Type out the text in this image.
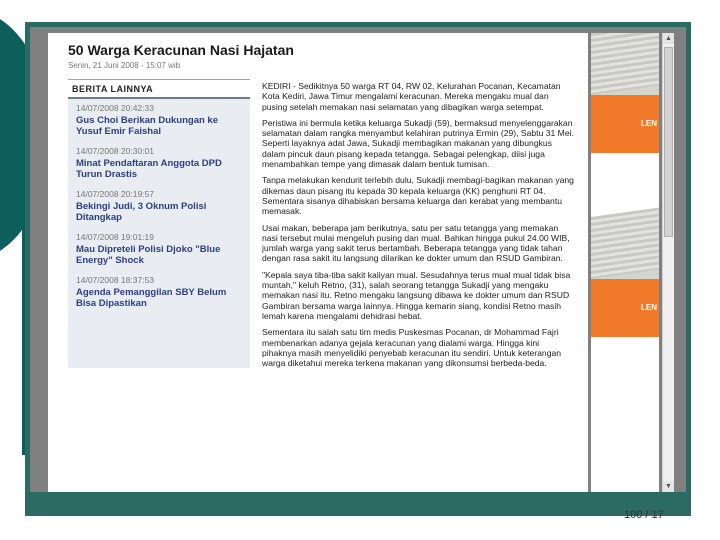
50 Warga Keracunan Nasi Hajatan
Senin, 21 Juni 2008 - 15:07 wib
BERITA LAINNYA
14/07/2008 20:42:33
Gus Choi Berikan Dukungan ke Yusuf Emir Faishal
14/07/2008 20:30:01
Minat Pendaftaran Anggota DPD Turun Drastis
14/07/2008 20:19:57
Bekingi Judi, 3 Oknum Polisi Ditangkap
14/07/2008 19:01:19
Mau Dipreteli Polisi Djoko "Blue Energy" Shock
14/07/2008 18:37:53
Agenda Pemanggilan SBY Belum Bisa Dipastikan

KEDIRI - Sedikitnya 50 warga RT 04, RW 02, Kelurahan Pocanan, Kecamatan Kota Kediri, Jawa Timur mengalami keracunan. Mereka mengaku mual dan pusing setelah memakan nasi selamatan yang dibagikan warga setempat.

Peristiwa ini bermula ketika keluarga Sukadji (59), bermaksud menyelenggarakan selamatan dalam rangka menyambut kelahiran putrinya Ermin (29), Sabtu 31 Mei. Seperti layaknya adat Jawa, Sukadji membagikan makanan yang dibungkus dalam pincuk daun pisang kepada tetangga. Sebagai pelengkap, diisi juga menambahkan tempe yang dimasak dalam bentuk tumisan.

Tanpa melakukan kendurit terlebih dulu, Sukadji membagi-bagikan makanan yang dikemas daun pisang itu kepada 30 kepala keluarga (KK) penghuni RT 04. Sementara sisanya dihabiskan bersama keluarga dan kerabat yang membantu memasak.

Usai makan, beberapa jam berikutnya, satu per satu tetangga yang memakan nasi tersebut mulai mengeluh pusing dan mual. Bahkan hingga pukul 24.00 WIB, jumlah warga yang sakit terus bertambah. Beberapa tetangga yang tidak tahan dengan rasa sakit itu langsung dilarikan ke dokter umum dan RSUD Gambiran.

"Kepala saya tiba-tiba sakit kaliyan mual. Sesudahnya terus mual mual tidak bisa muntah," keluh Retno, (31), salah seorang tetangga Sukadji yang mengaku memakan nasi itu. Retno mengaku langsung dibawa ke dokter umum dan RSUD Gambiran bersama warga lainnya. Hingga kemarin siang, kondisi Retno masih lemah karena mengalami dehidrasi hebat.

Sementara itu salah satu tim medis Puskesmas Pocanan, dr Mohammad Fajri membenarkan adanya gejala keracunan yang dialami warga. Hingga kini pihaknya masih menyelidiki penyebab keracunan itu sendiri. Untuk keterangan warga diketahui mereka terkena makanan yang dikonsumsi berbeda-beda.

LEN
LEN
▲
▼
100 / 17
